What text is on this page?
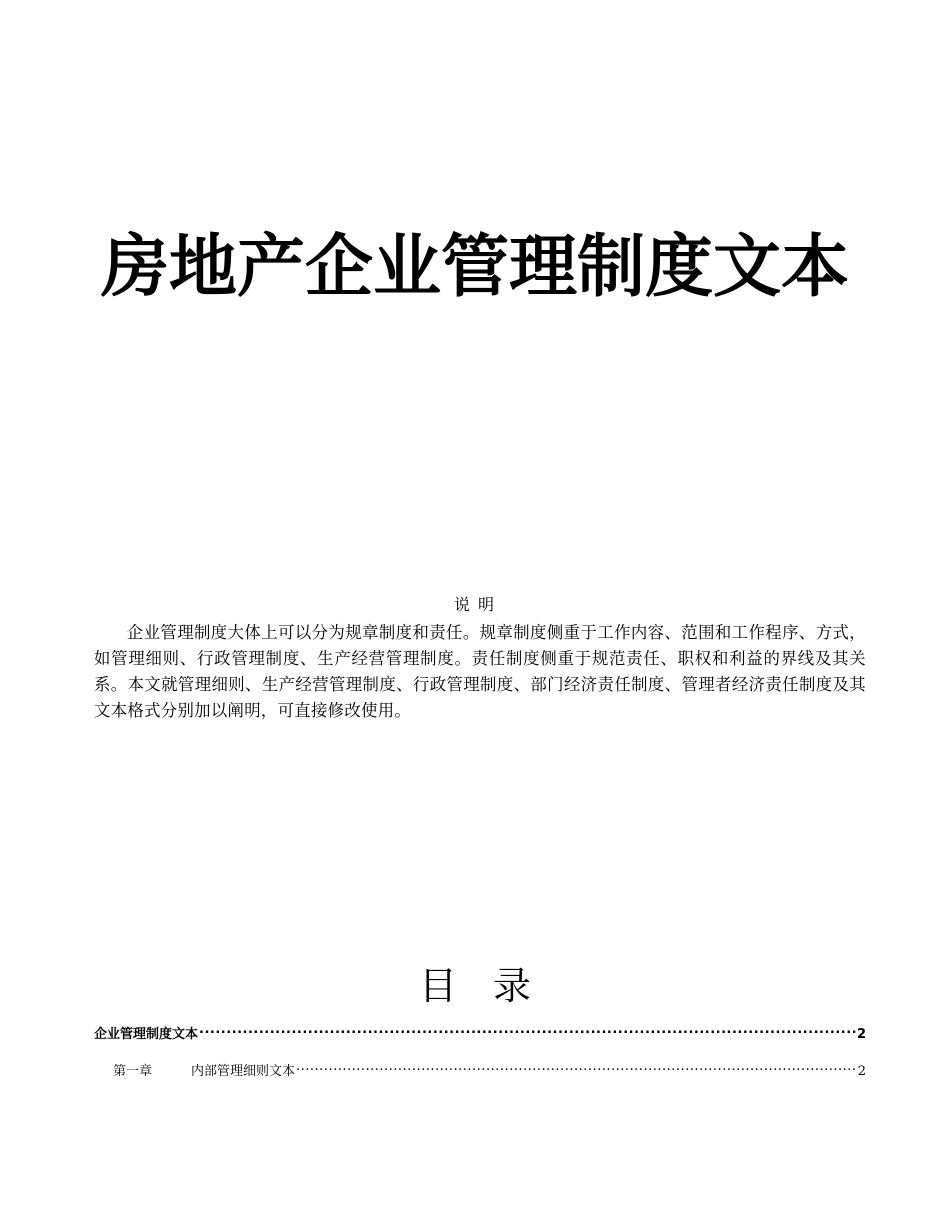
房地产企业管理制度文本
说明
企业管理制度大体上可以分为规章制度和责任。规章制度侧重于工作内容、范围和工作程序、方式，如管理细则、行政管理制度、生产经营管理制度。责任制度侧重于规范责任、职权和利益的界线及其关系。本文就管理细则、生产经营管理制度、行政管理制度、部门经济责任制度、管理者经济责任制度及其文本格式分别加以阐明，可直接修改使用。
目录
企业管理制度文本 .....	2
第一章	内部管理细则文本 .....	2
